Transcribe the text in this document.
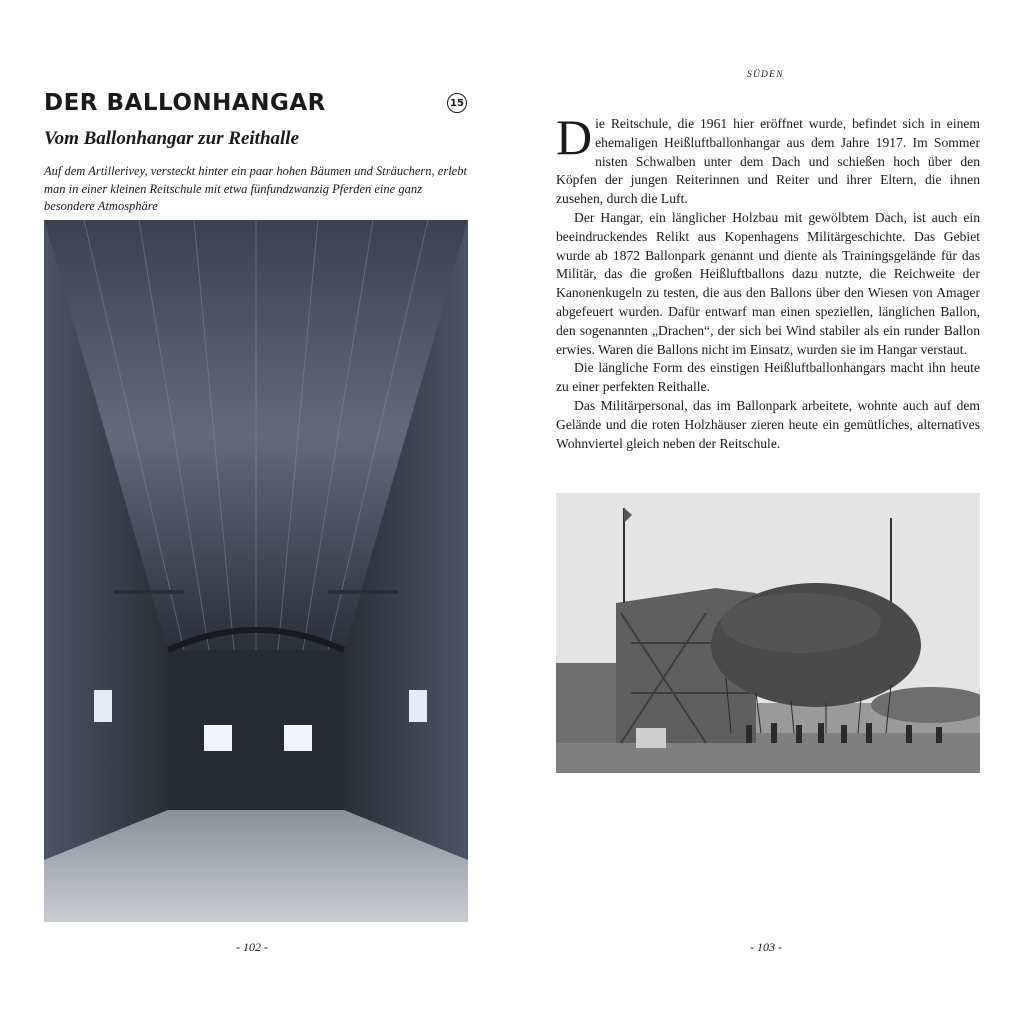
DER BALLONHANGAR	15
Vom Ballonhangar zur Reithalle

Auf dem Artillerivey, versteckt hinter ein paar hohen Bäumen und Sträuchern, erlebt man in einer kleinen Reitschule mit etwa fünfundzwanzig Pferden eine ganz besondere Atmosphäre

- 102 -
SÜDEN

Die Reitschule, die 1961 hier eröffnet wurde, befindet sich in einem ehemaligen Heißluftballonhangar aus dem Jahre 1917. Im Sommer nisten Schwalben unter dem Dach und schießen hoch über den Köpfen der jungen Reiterinnen und Reiter und ihrer Eltern, die ihnen zusehen, durch die Luft.

Der Hangar, ein länglicher Holzbau mit gewölbtem Dach, ist auch ein beeindruckendes Relikt aus Kopenhagens Militärgeschichte. Das Gebiet wurde ab 1872 Ballonpark genannt und diente als Trainingsgelände für das Militär, das die großen Heißluftballons dazu nutzte, die Reichweite der Kanonenkugeln zu testen, die aus den Ballons über den Wiesen von Amager abgefeuert wurden. Dafür entwarf man einen speziellen, länglichen Ballon, den sogenannten „Drachen“, der sich bei Wind stabiler als ein runder Ballon erwies. Waren die Ballons nicht im Einsatz, wurden sie im Hangar verstaut.

Die längliche Form des einstigen Heißluftballonhangars macht ihn heute zu einer perfekten Reithalle.

Das Militärpersonal, das im Ballonpark arbeitete, wohnte auch auf dem Gelände und die roten Holzhäuser zieren heute ein gemütliches, alternatives Wohnviertel gleich neben der Reitschule.

- 103 -
